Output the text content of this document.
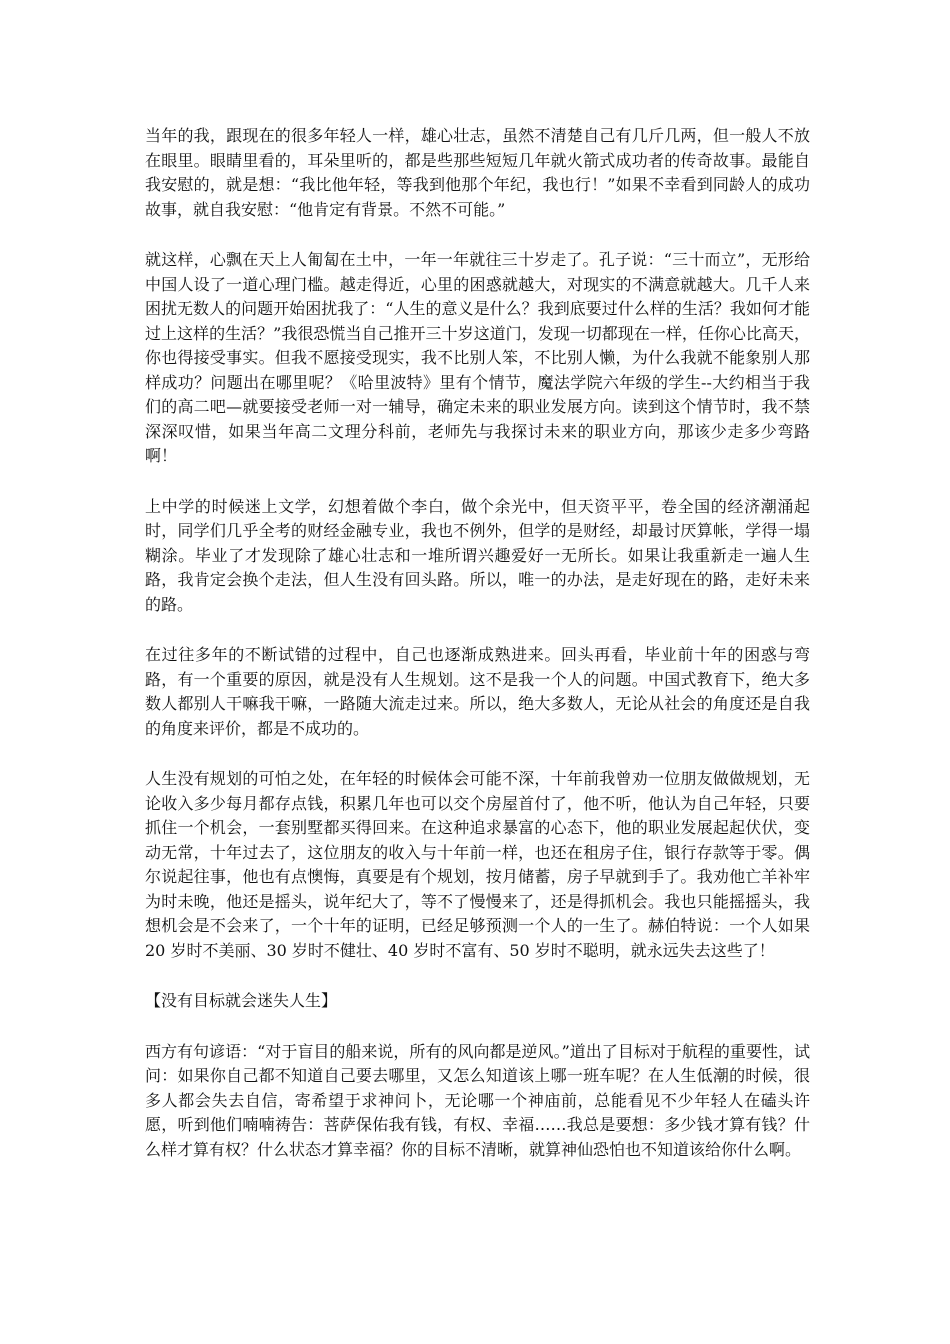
当年的我，跟现在的很多年轻人一样，雄心壮志，虽然不清楚自己有几斤几两，但一般人不放在眼里。眼睛里看的，耳朵里听的，都是些那些短短几年就火箭式成功者的传奇故事。最能自我安慰的，就是想：“我比他年轻，等我到他那个年纪，我也行！”如果不幸看到同龄人的成功故事，就自我安慰：“他肯定有背景。不然不可能。”

就这样，心飘在天上人匍匐在土中，一年一年就往三十岁走了。孔子说：“三十而立”，无形给中国人设了一道心理门槛。越走得近，心里的困惑就越大，对现实的不满意就越大。几千人来困扰无数人的问题开始困扰我了：“人生的意义是什么？我到底要过什么样的生活？我如何才能过上这样的生活？”我很恐慌当自己推开三十岁这道门，发现一切都现在一样，任你心比高天，你也得接受事实。但我不愿接受现实，我不比别人笨，不比别人懒，为什么我就不能象别人那样成功？问题出在哪里呢？《哈里波特》里有个情节，魔法学院六年级的学生--大约相当于我们的高二吧—就要接受老师一对一辅导，确定未来的职业发展方向。读到这个情节时，我不禁深深叹惜，如果当年高二文理分科前，老师先与我探讨未来的职业方向，那该少走多少弯路啊！

上中学的时候迷上文学，幻想着做个李白，做个余光中，但天资平平，卷全国的经济潮涌起时，同学们几乎全考的财经金融专业，我也不例外，但学的是财经，却最讨厌算帐，学得一塌糊涂。毕业了才发现除了雄心壮志和一堆所谓兴趣爱好一无所长。如果让我重新走一遍人生路，我肯定会换个走法，但人生没有回头路。所以，唯一的办法，是走好现在的路，走好未来的路。

在过往多年的不断试错的过程中，自己也逐渐成熟进来。回头再看，毕业前十年的困惑与弯路，有一个重要的原因，就是没有人生规划。这不是我一个人的问题。中国式教育下，绝大多数人都别人干嘛我干嘛，一路随大流走过来。所以，绝大多数人，无论从社会的角度还是自我的角度来评价，都是不成功的。

人生没有规划的可怕之处，在年轻的时候体会可能不深，十年前我曾劝一位朋友做做规划，无论收入多少每月都存点钱，积累几年也可以交个房屋首付了，他不听，他认为自己年轻，只要抓住一个机会，一套别墅都买得回来。在这种追求暴富的心态下，他的职业发展起起伏伏，变动无常，十年过去了，这位朋友的收入与十年前一样，也还在租房子住，银行存款等于零。偶尔说起往事，他也有点懊悔，真要是有个规划，按月储蓄，房子早就到手了。我劝他亡羊补牢为时未晚，他还是摇头，说年纪大了，等不了慢慢来了，还是得抓机会。我也只能摇摇头，我想机会是不会来了，一个十年的证明，已经足够预测一个人的一生了。赫伯特说：一个人如果 20 岁时不美丽、30 岁时不健壮、40 岁时不富有、50 岁时不聪明，就永远失去这些了！

【没有目标就会迷失人生】

西方有句谚语：“对于盲目的船来说，所有的风向都是逆风。”道出了目标对于航程的重要性，试问：如果你自己都不知道自己要去哪里，又怎么知道该上哪一班车呢？在人生低潮的时候，很多人都会失去自信，寄希望于求神问卜，无论哪一个神庙前，总能看见不少年轻人在磕头许愿，听到他们喃喃祷告：菩萨保佑我有钱，有权、幸福……我总是要想：多少钱才算有钱？什么样才算有权？什么状态才算幸福？你的目标不清晰，就算神仙恐怕也不知道该给你什么啊。
